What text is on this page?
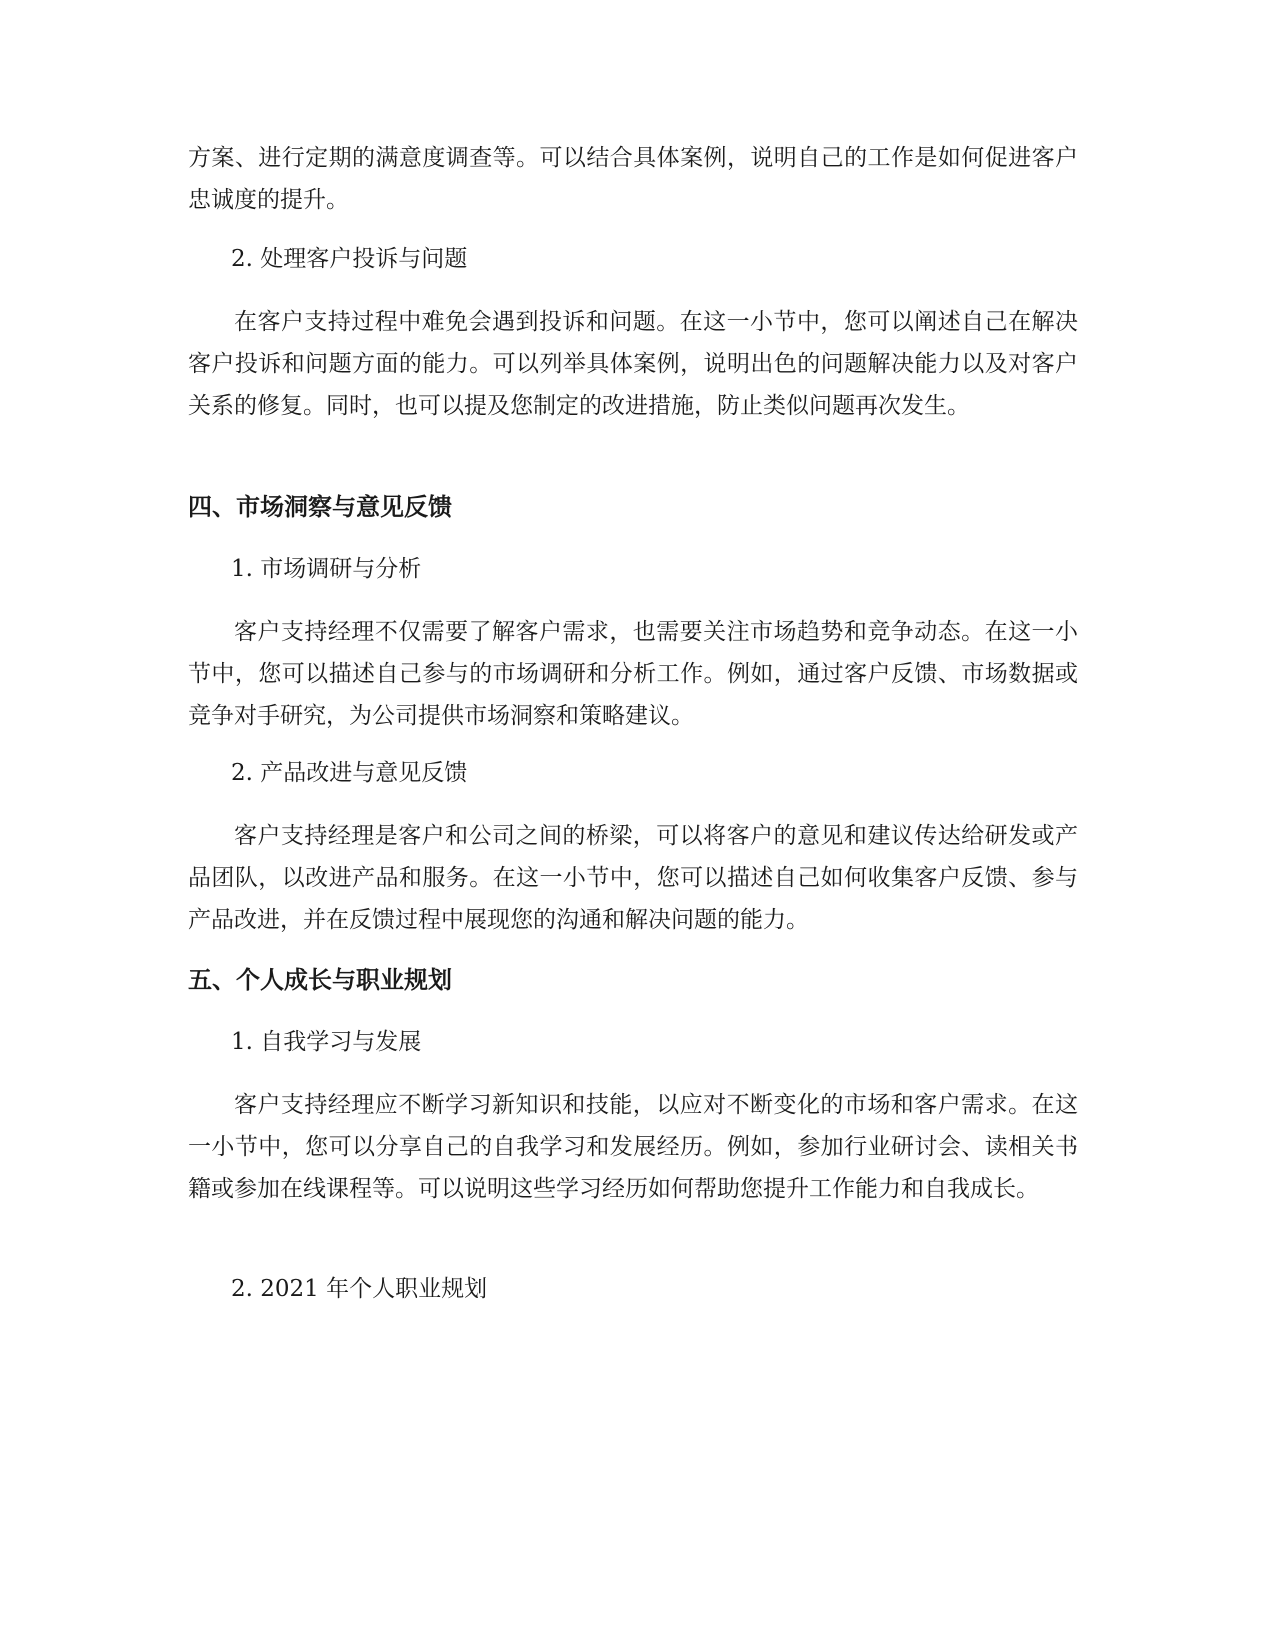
方案、进行定期的满意度调查等。可以结合具体案例，说明自己的工作是如何促进客户忠诚度的提升。

2. 处理客户投诉与问题

在客户支持过程中难免会遇到投诉和问题。在这一小节中，您可以阐述自己在解决客户投诉和问题方面的能力。可以列举具体案例，说明出色的问题解决能力以及对客户关系的修复。同时，也可以提及您制定的改进措施，防止类似问题再次发生。

四、市场洞察与意见反馈

1. 市场调研与分析

客户支持经理不仅需要了解客户需求，也需要关注市场趋势和竞争动态。在这一小节中，您可以描述自己参与的市场调研和分析工作。例如，通过客户反馈、市场数据或竞争对手研究，为公司提供市场洞察和策略建议。

2. 产品改进与意见反馈

客户支持经理是客户和公司之间的桥梁，可以将客户的意见和建议传达给研发或产品团队，以改进产品和服务。在这一小节中，您可以描述自己如何收集客户反馈、参与产品改进，并在反馈过程中展现您的沟通和解决问题的能力。

五、个人成长与职业规划

1. 自我学习与发展

客户支持经理应不断学习新知识和技能，以应对不断变化的市场和客户需求。在这一小节中，您可以分享自己的自我学习和发展经历。例如，参加行业研讨会、读相关书籍或参加在线课程等。可以说明这些学习经历如何帮助您提升工作能力和自我成长。

2. 2021 年个人职业规划
